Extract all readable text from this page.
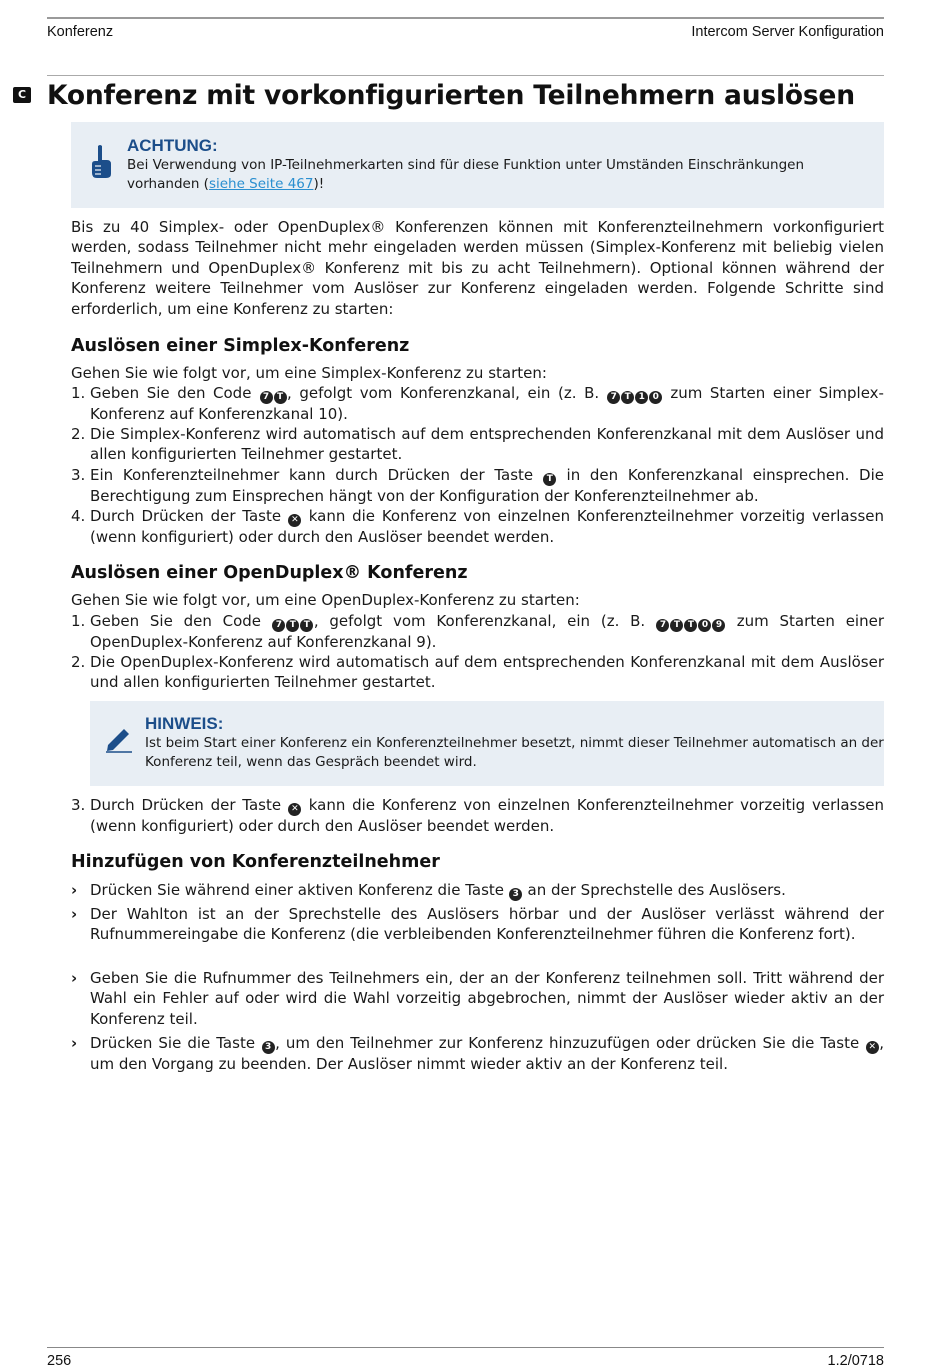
Konferenz	Intercom Server Konfiguration
C Konferenz mit vorkonfigurierten Teilnehmern auslösen
ACHTUNG:
Bei Verwendung von IP-Teilnehmerkarten sind für diese Funktion unter Umständen Einschränkungen vorhanden (siehe Seite 467)!

Bis zu 40 Simplex- oder OpenDuplex® Konferenzen können mit Konferenzteilnehmern vorkonfiguriert werden, sodass Teilnehmer nicht mehr eingeladen werden müssen (Simplex-Konferenz mit beliebig vielen Teilnehmern und OpenDuplex® Konferenz mit bis zu acht Teilnehmern). Optional können während der Konferenz weitere Teilnehmer vom Auslöser zur Konferenz eingeladen werden. Folgende Schritte sind erforderlich, um eine Konferenz zu starten:

Auslösen einer Simplex-Konferenz
Gehen Sie wie folgt vor, um eine Simplex-Konferenz zu starten:
1. Geben Sie den Code 7 T , gefolgt vom Konferenzkanal, ein (z. B. 7 T 1 0 zum Starten einer Simplex-Konferenz auf Konferenzkanal 10).
2. Die Simplex-Konferenz wird automatisch auf dem entsprechenden Konferenzkanal mit dem Auslöser und allen konfigurierten Teilnehmer gestartet.
3. Ein Konferenzteilnehmer kann durch Drücken der Taste T in den Konferenzkanal einsprechen. Die Berechtigung zum Einsprechen hängt von der Konfiguration der Konferenzteilnehmer ab.
4. Durch Drücken der Taste ✕ kann die Konferenz von einzelnen Konferenzteilnehmer vorzeitig verlassen (wenn konfiguriert) oder durch den Auslöser beendet werden.
Auslösen einer OpenDuplex® Konferenz
Gehen Sie wie folgt vor, um eine OpenDuplex-Konferenz zu starten:
1. Geben Sie den Code 7 T T , gefolgt vom Konferenzkanal, ein (z. B. 7 T T 0 9 zum Starten einer OpenDuplex-Konferenz auf Konferenzkanal 9).
2. Die OpenDuplex-Konferenz wird automatisch auf dem entsprechenden Konferenzkanal mit dem Auslöser und allen konfigurierten Teilnehmer gestartet.
HINWEIS:
Ist beim Start einer Konferenz ein Konferenzteilnehmer besetzt, nimmt dieser Teilnehmer automatisch an der Konferenz teil, wenn das Gespräch beendet wird.
3. Durch Drücken der Taste ✕ kann die Konferenz von einzelnen Konferenzteilnehmer vorzeitig verlassen (wenn konfiguriert) oder durch den Auslöser beendet werden.
Hinzufügen von Konferenzteilnehmer
› Drücken Sie während einer aktiven Konferenz die Taste 3 an der Sprechstelle des Auslösers.
› Der Wahlton ist an der Sprechstelle des Auslösers hörbar und der Auslöser verlässt während der Rufnummereingabe die Konferenz (die verbleibenden Konferenzteilnehmer führen die Konferenz fort).
› Geben Sie die Rufnummer des Teilnehmers ein, der an der Konferenz teilnehmen soll. Tritt während der Wahl ein Fehler auf oder wird die Wahl vorzeitig abgebrochen, nimmt der Auslöser wieder aktiv an der Konferenz teil.
› Drücken Sie die Taste 3 , um den Teilnehmer zur Konferenz hinzuzufügen oder drücken Sie die Taste ✕ , um den Vorgang zu beenden. Der Auslöser nimmt wieder aktiv an der Konferenz teil.
256	1.2/0718
